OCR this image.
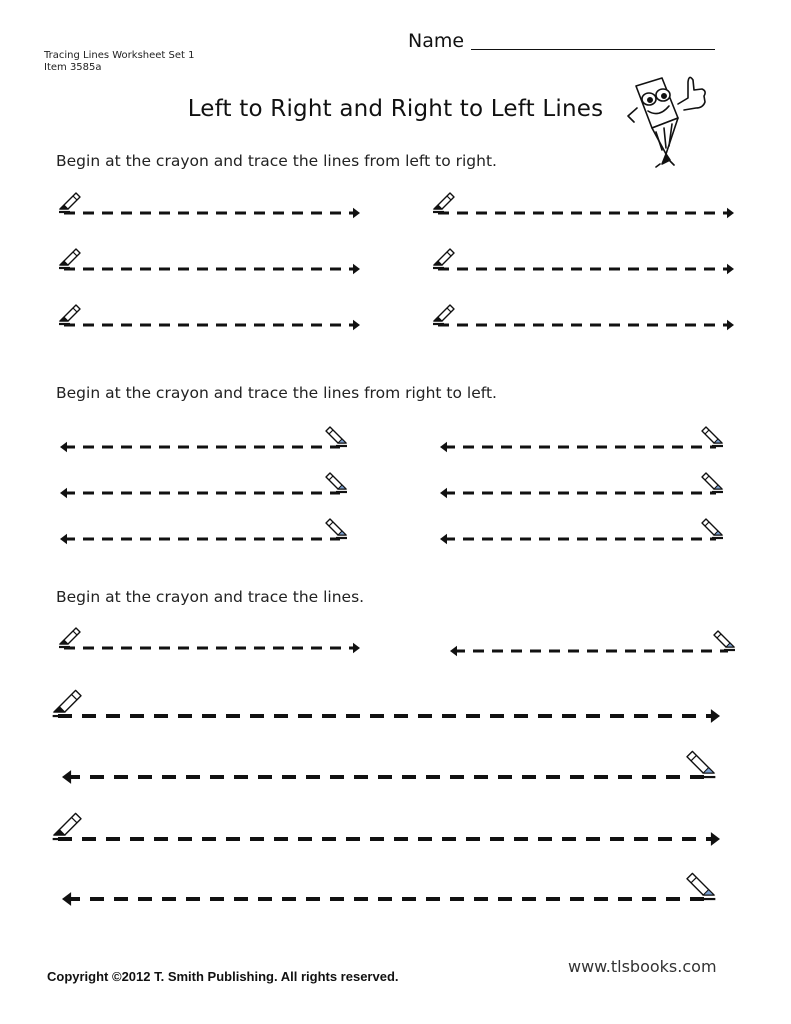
Tracing Lines Worksheet Set 1
Item 3585a
Name
Left to Right and Right to Left Lines
Begin at the crayon and trace the lines from left to right.
Begin at the crayon and trace the lines from right to left.
Begin at the crayon and trace the lines.
Copyright ©2012 T. Smith Publishing. All rights reserved.
www.tlsbooks.com
